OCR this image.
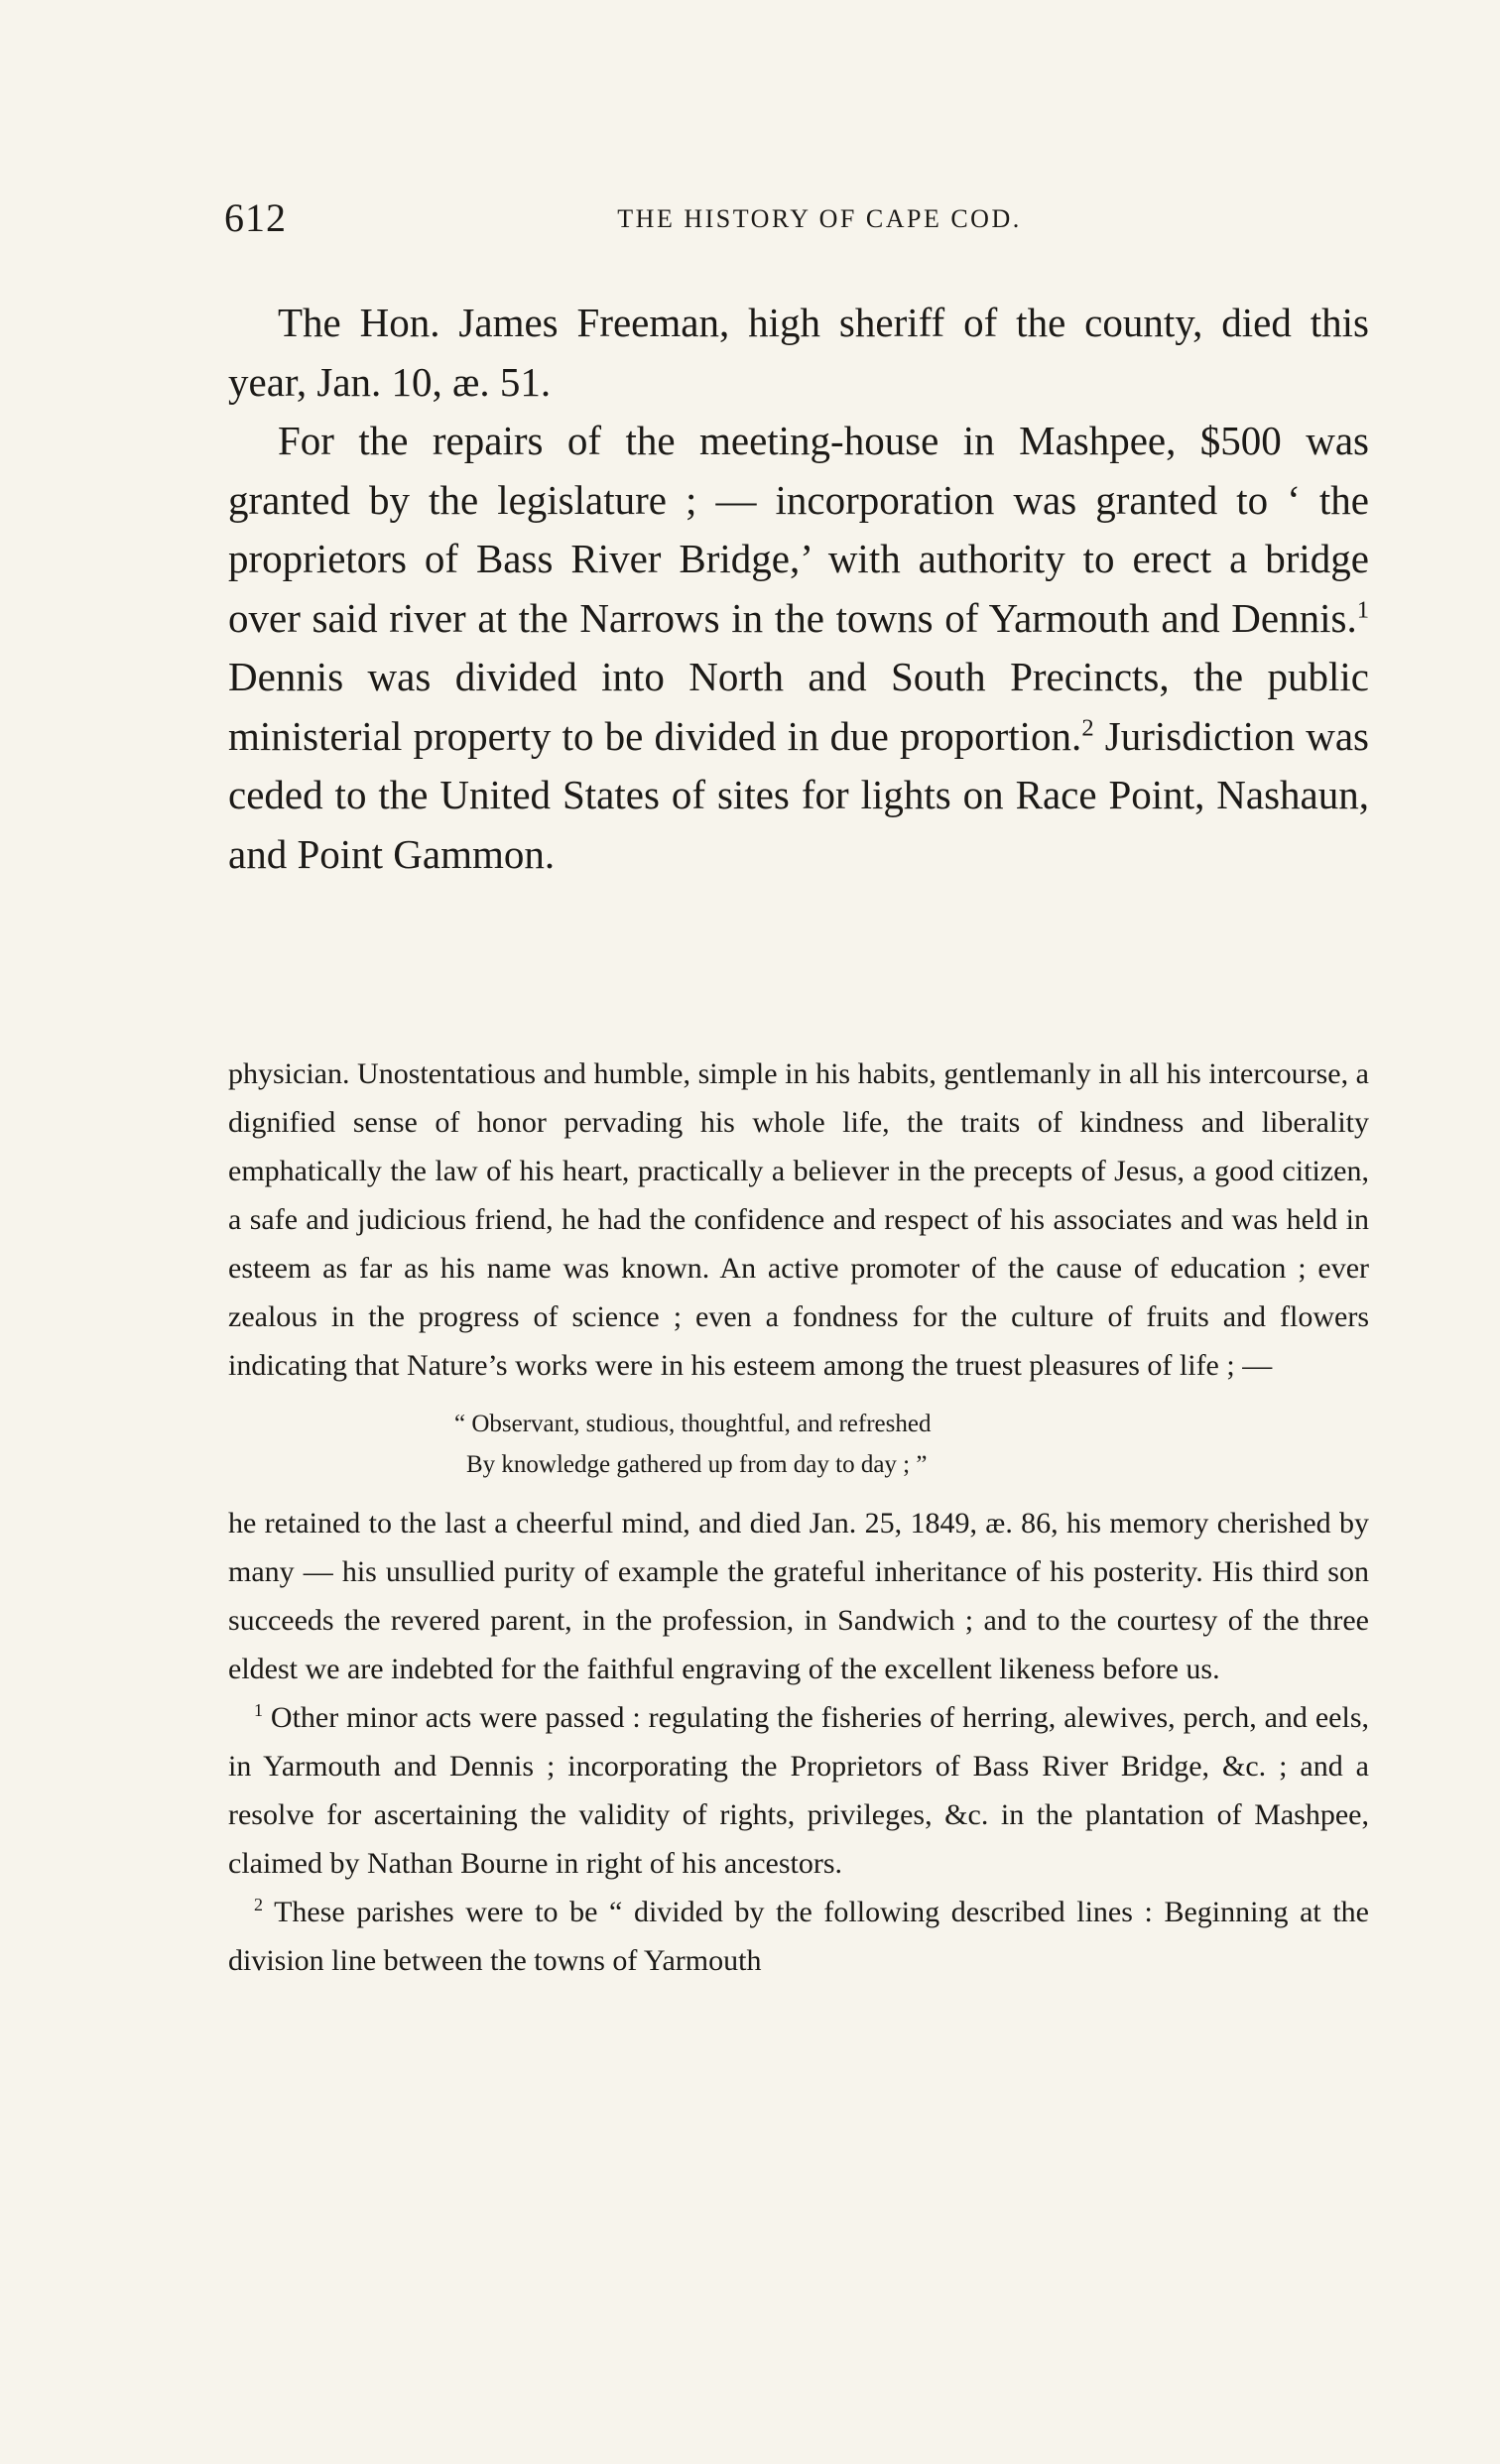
612	THE HISTORY OF CAPE COD.

The Hon. James Freeman, high sheriff of the county, died this year, Jan. 10, æ. 51.

For the repairs of the meeting-house in Mashpee, $500 was granted by the legislature ; — incorporation was granted to ‘ the proprietors of Bass River Bridge,’ with authority to erect a bridge over said river at the Narrows in the towns of Yarmouth and Dennis.$^1$ Dennis was divided into North and South Precincts, the public ministerial property to be divided in due proportion.$^2$ Jurisdiction was ceded to the United States of sites for lights on Race Point, Nashaun, and Point Gammon.

physician. Unostentatious and humble, simple in his habits, gentlemanly in all his intercourse, a dignified sense of honor pervading his whole life, the traits of kindness and liberality emphatically the law of his heart, practically a believer in the precepts of Jesus, a good citizen, a safe and judicious friend, he had the confidence and respect of his associates and was held in esteem as far as his name was known. An active promoter of the cause of education ; ever zealous in the progress of science ; even a fondness for the culture of fruits and flowers indicating that Nature’s works were in his esteem among the truest pleasures of life ; —

“ Observant, studious, thoughtful, and refreshed
By knowledge gathered up from day to day ; ”

he retained to the last a cheerful mind, and died Jan. 25, 1849, æ. 86, his memory cherished by many — his unsullied purity of example the grateful inheritance of his posterity. His third son succeeds the revered parent, in the profession, in Sandwich ; and to the courtesy of the three eldest we are indebted for the faithful engraving of the excellent likeness before us.

$^1$ Other minor acts were passed : regulating the fisheries of herring, alewives, perch, and eels, in Yarmouth and Dennis ; incorporating the Proprietors of Bass River Bridge, &c. ; and a resolve for ascertaining the validity of rights, privileges, &c. in the plantation of Mashpee, claimed by Nathan Bourne in right of his ancestors.

$^2$ These parishes were to be “ divided by the following described lines : Beginning at the division line between the towns of Yarmouth
